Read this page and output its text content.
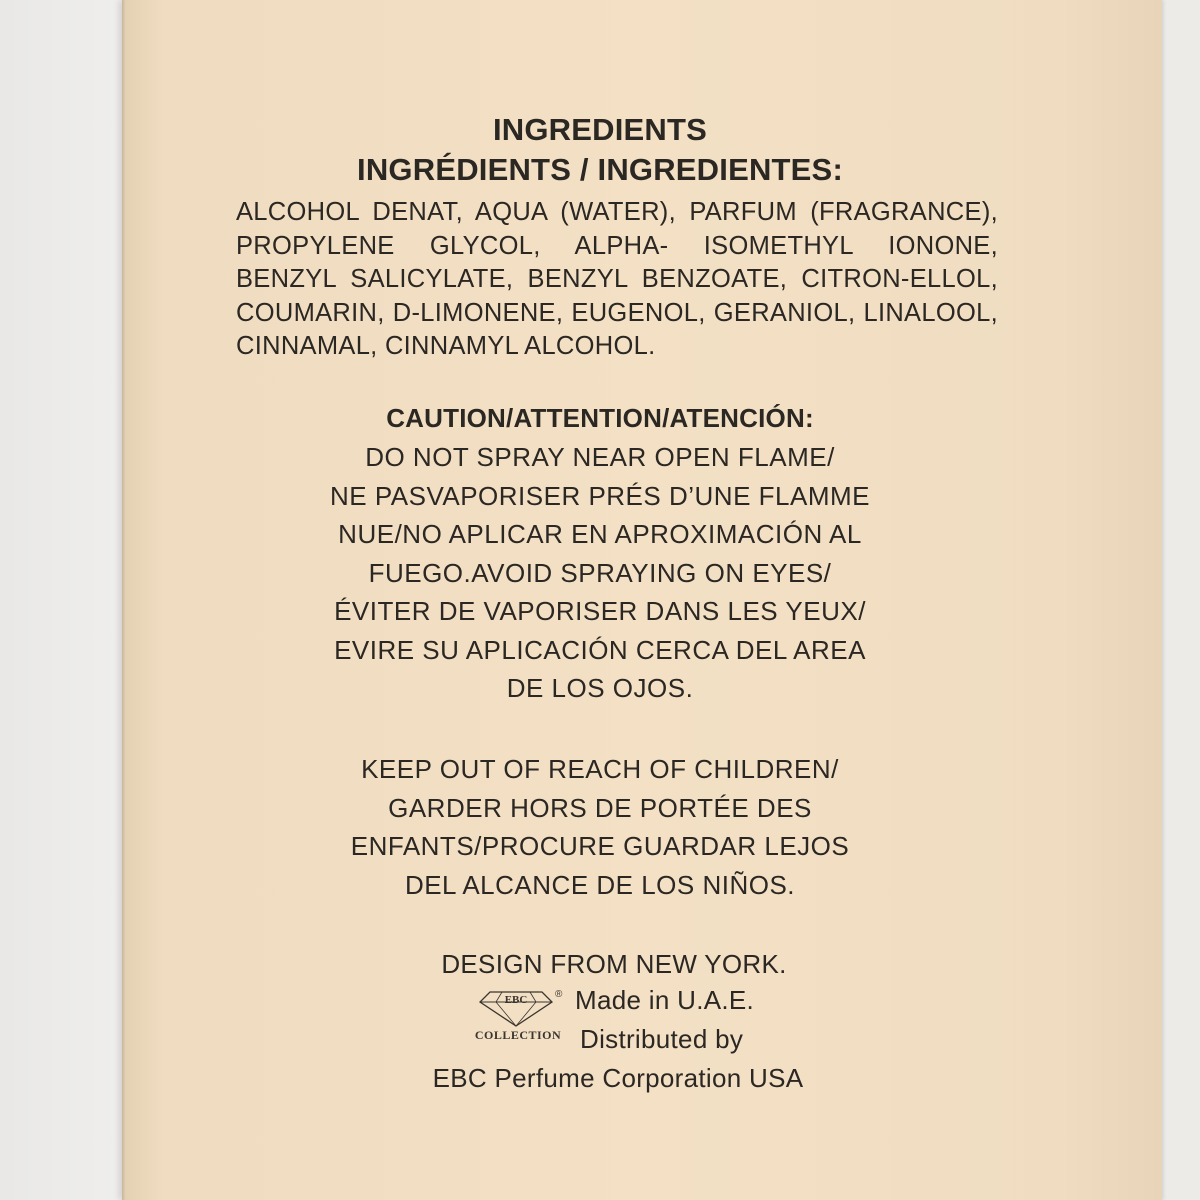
INGREDIENTS
INGRÉDIENTS / INGREDIENTES:
ALCOHOL DENAT, AQUA (WATER), PARFUM (FRAGRANCE),
PROPYLENE GLYCOL, ALPHA- ISOMETHYL IONONE,
BENZYL SALICYLATE, BENZYL BENZOATE, CITRON-ELLOL,
COUMARIN, D-LIMONENE, EUGENOL, GERANIOL, LINALOOL,
CINNAMAL, CINNAMYL ALCOHOL.
CAUTION/ATTENTION/ATENCIÓN:
DO NOT SPRAY NEAR OPEN FLAME/
NE PASVAPORISER PRÉS D’UNE FLAMME
NUE/NO APLICAR EN APROXIMACIÓN AL
FUEGO.AVOID SPRAYING ON EYES/
ÉVITER DE VAPORISER DANS LES YEUX/
EVIRE SU APLICACIÓN CERCA DEL AREA
DE LOS OJOS.
KEEP OUT OF REACH OF CHILDREN/
GARDER HORS DE PORTÉE DES
ENFANTS/PROCURE GUARDAR LEJOS
DEL ALCANCE DE LOS NIÑOS.
DESIGN FROM NEW YORK.
EBC	®
COLLECTION
Made in U.A.E.
Distributed by
EBC Perfume Corporation USA
